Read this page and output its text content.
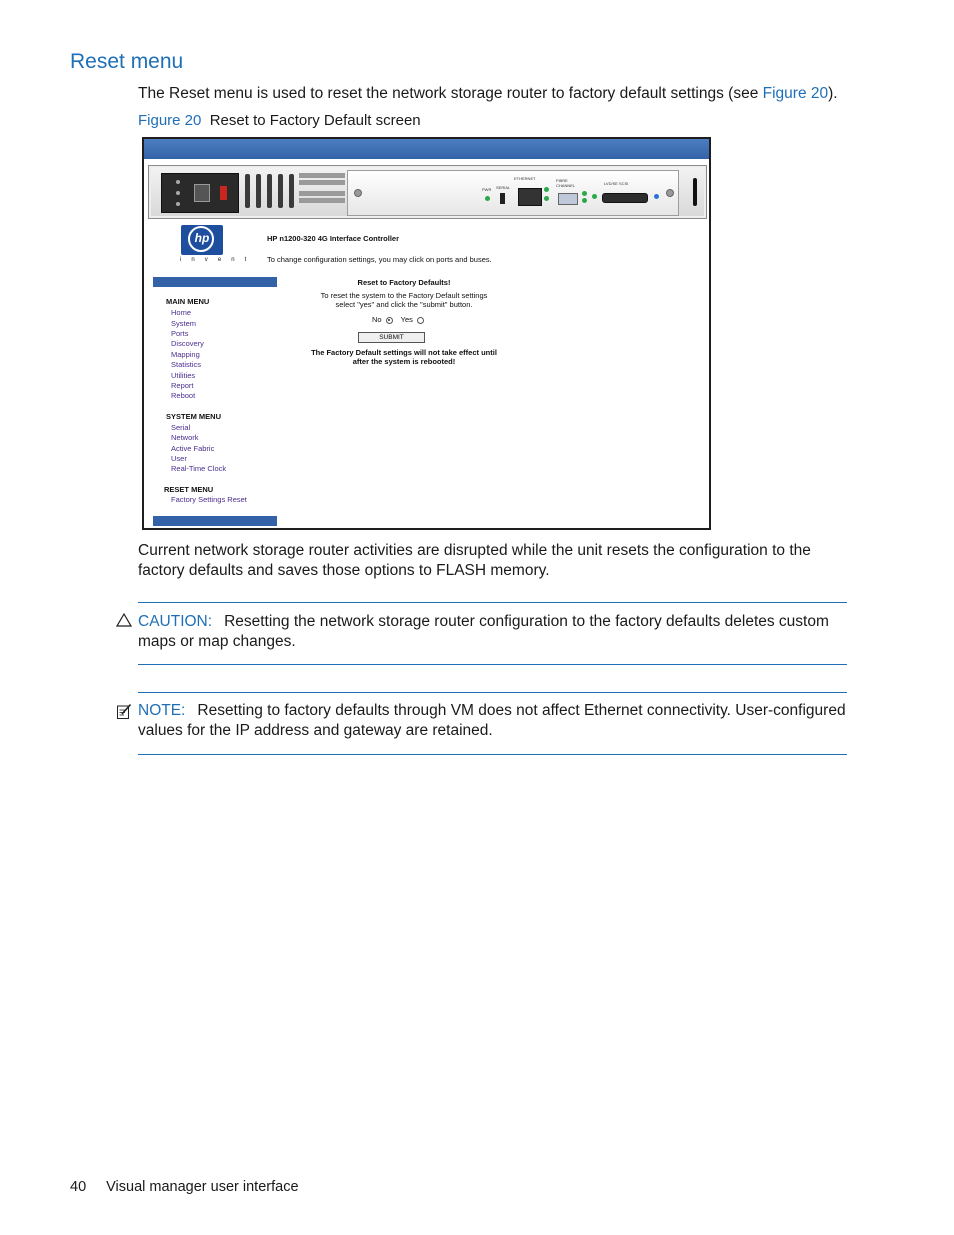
Reset menu

The Reset menu is used to reset the network storage router to factory default settings (see Figure 20).

Figure 20 Reset to Factory Default screen

PWR SERIAL
ETHERNET	FIBRE CHANNEL	LVD/SE SCSI
hp
i n v e n t
HP n1200-320 4G Interface Controller
To change configuration settings, you may click on ports and buses.
MAIN MENU
Home
System
Ports
Discovery
Mapping
Statistics
Utilities
Report
Reboot
SYSTEM MENU
Serial
Network
Active Fabric
User
Real-Time Clock
RESET MENU
Factory Settings Reset
Reset to Factory Defaults!
To reset the system to the Factory Default settings
select "yes" and click the "submit" button.
No	Yes
SUBMIT
The Factory Default settings will not take effect until
after the system is rebooted!

Current network storage router activities are disrupted while the unit resets the configuration to the factory defaults and saves those options to FLASH memory.

CAUTION: Resetting the network storage router configuration to the factory defaults deletes custom maps or map changes.

NOTE: Resetting to factory defaults through VM does not affect Ethernet connectivity. User-configured values for the IP address and gateway are retained.

40 Visual manager user interface
